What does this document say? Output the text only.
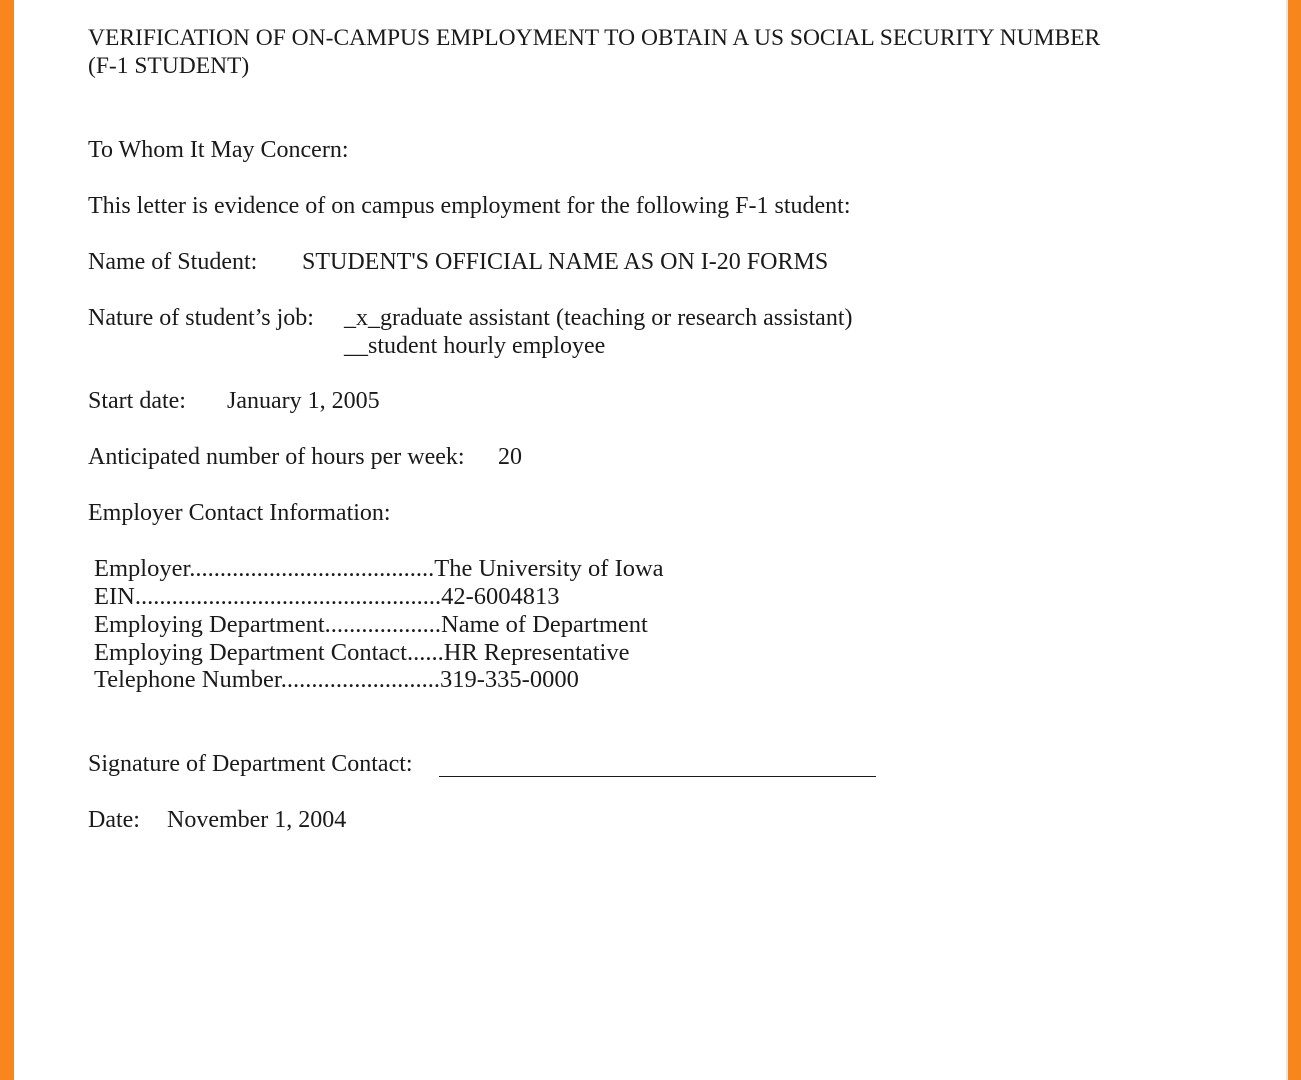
VERIFICATION OF ON-CAMPUS EMPLOYMENT TO OBTAIN A US SOCIAL SECURITY NUMBER
(F-1 STUDENT)
To Whom It May Concern:
This letter is evidence of on campus employment for the following F-1 student:
Name of Student: STUDENT'S OFFICIAL NAME AS ON I-20 FORMS
Nature of student’s job: _x_graduate assistant (teaching or research assistant)
__student hourly employee
Start date: January 1, 2005
Anticipated number of hours per week: 20
Employer Contact Information:
Employer........................................The University of Iowa
EIN..................................................42-6004813
Employing Department...................Name of Department
Employing Department Contact......HR Representative
Telephone Number..........................319-335-0000
Signature of Department Contact:
Date: November 1, 2004
